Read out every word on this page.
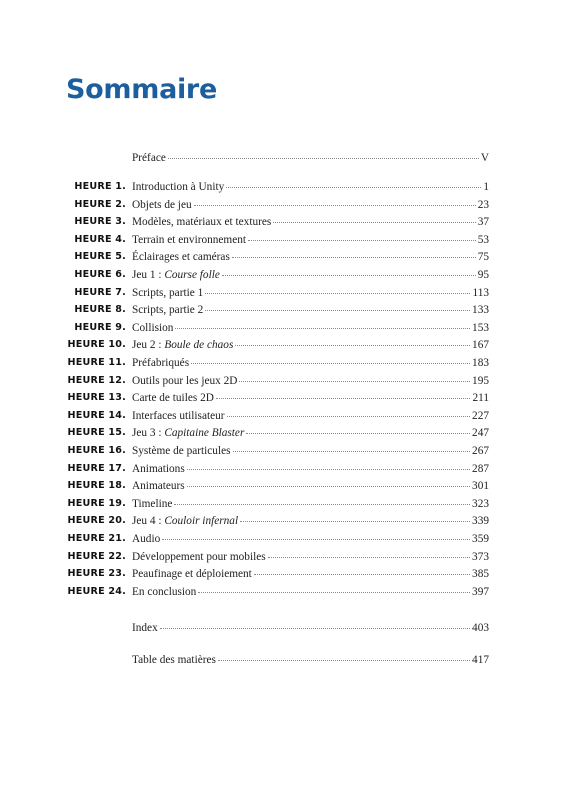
Sommaire
Préface	V
HEURE 1. Introduction à Unity	1
HEURE 2. Objets de jeu	23
HEURE 3. Modèles, matériaux et textures	37
HEURE 4. Terrain et environnement	53
HEURE 5. Éclairages et caméras	75
HEURE 6. Jeu 1 : Course folle	95
HEURE 7. Scripts, partie 1	113
HEURE 8. Scripts, partie 2	133
HEURE 9. Collision	153
HEURE 10. Jeu 2 : Boule de chaos	167
HEURE 11. Préfabriqués	183
HEURE 12. Outils pour les jeux 2D	195
HEURE 13. Carte de tuiles 2D	211
HEURE 14. Interfaces utilisateur	227
HEURE 15. Jeu 3 : Capitaine Blaster	247
HEURE 16. Système de particules	267
HEURE 17. Animations	287
HEURE 18. Animateurs	301
HEURE 19. Timeline	323
HEURE 20. Jeu 4 : Couloir infernal	339
HEURE 21. Audio	359
HEURE 22. Développement pour mobiles	373
HEURE 23. Peaufinage et déploiement	385
HEURE 24. En conclusion	397
Index	403
Table des matières	417
